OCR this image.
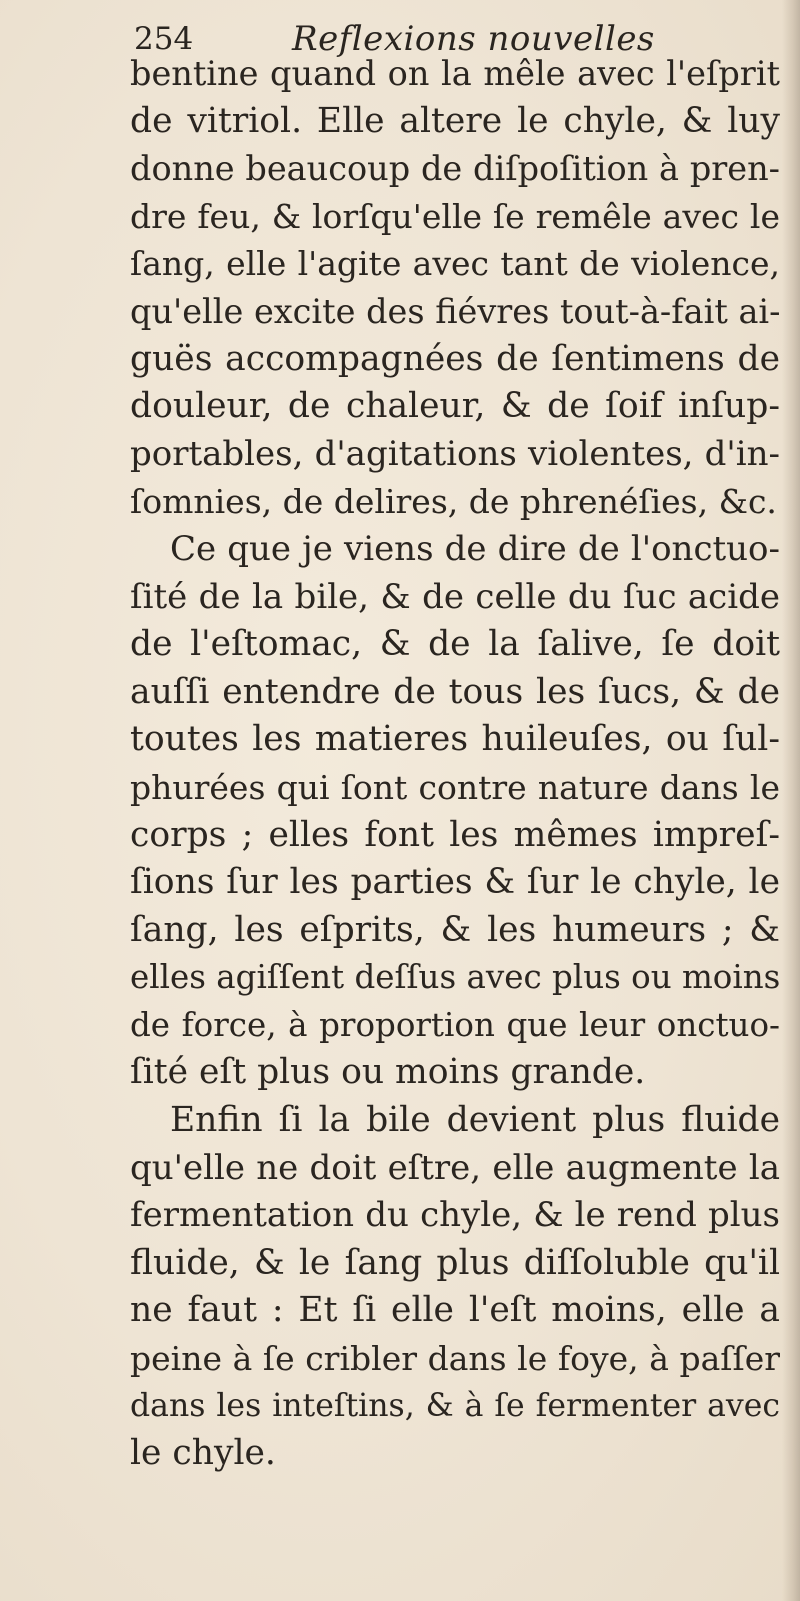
254	Reflexions nouvelles
bentine quand on la mêle avec l'eſprit
de vitriol. Elle altere le chyle, & luy
donne beaucoup de diſpoſition à pren-
dre feu, & lorſqu'elle ſe remêle avec le
ſang, elle l'agite avec tant de violence,
qu'elle excite des fiévres tout-à-fait ai-
guës accompagnées de ſentimens de
douleur, de chaleur, & de ſoif inſup-
portables, d'agitations violentes, d'in-
ſomnies, de delires, de phrenéſies, &c.
Ce que je viens de dire de l'onctuo-
ſité de la bile, & de celle du ſuc acide
de l'eſtomac, & de la ſalive, ſe doit
auſſi entendre de tous les ſucs, & de
toutes les matieres huileuſes, ou ſul-
phurées qui ſont contre nature dans le
corps ; elles font les mêmes impreſ-
ſions ſur les parties & ſur le chyle, le
ſang, les eſprits, & les humeurs ; &
elles agiſſent deſſus avec plus ou moins
de force, à proportion que leur onctuo-
ſité eſt plus ou moins grande.
Enfin ſi la bile devient plus fluide
qu'elle ne doit eſtre, elle augmente la
fermentation du chyle, & le rend plus
fluide, & le ſang plus diſſoluble qu'il
ne faut : Et ſi elle l'eſt moins, elle a
peine à ſe cribler dans le foye, à paſſer
dans les inteſtins, & à ſe fermenter avec
le chyle.
